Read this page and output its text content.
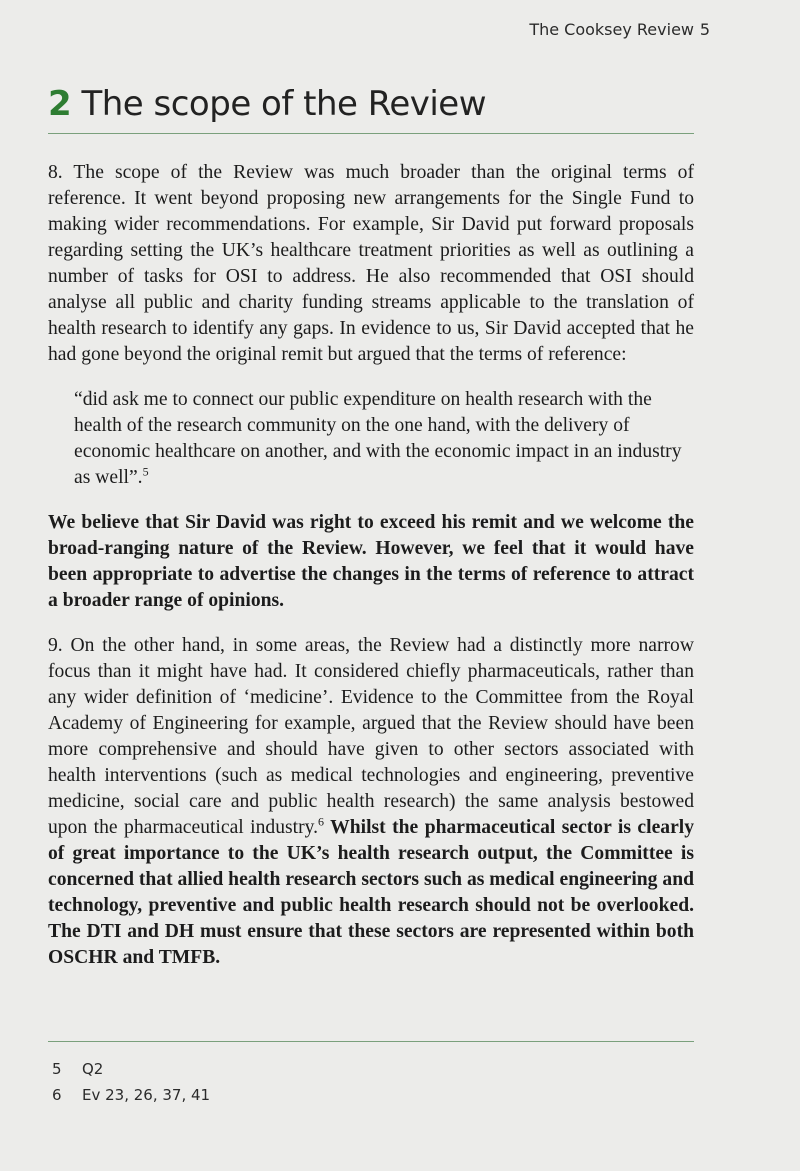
The Cooksey Review 5
2 The scope of the Review

8. The scope of the Review was much broader than the original terms of reference. It went beyond proposing new arrangements for the Single Fund to making wider recommendations. For example, Sir David put forward proposals regarding setting the UK’s healthcare treatment priorities as well as outlining a number of tasks for OSI to address. He also recommended that OSI should analyse all public and charity funding streams applicable to the translation of health research to identify any gaps. In evidence to us, Sir David accepted that he had gone beyond the original remit but argued that the terms of reference:

“did ask me to connect our public expenditure on health research with the health of the research community on the one hand, with the delivery of economic healthcare on another, and with the economic impact in an industry as well”.$^5$

We believe that Sir David was right to exceed his remit and we welcome the broad-ranging nature of the Review. However, we feel that it would have been appropriate to advertise the changes in the terms of reference to attract a broader range of opinions.

9. On the other hand, in some areas, the Review had a distinctly more narrow focus than it might have had. It considered chiefly pharmaceuticals, rather than any wider definition of ‘medicine’. Evidence to the Committee from the Royal Academy of Engineering for example, argued that the Review should have been more comprehensive and should have given to other sectors associated with health interventions (such as medical technologies and engineering, preventive medicine, social care and public health research) the same analysis bestowed upon the pharmaceutical industry.$^6$ Whilst the pharmaceutical sector is clearly of great importance to the UK’s health research output, the Committee is concerned that allied health research sectors such as medical engineering and technology, preventive and public health research should not be overlooked. The DTI and DH must ensure that these sectors are represented within both OSCHR and TMFB.

5	Q2
6	Ev 23, 26, 37, 41
